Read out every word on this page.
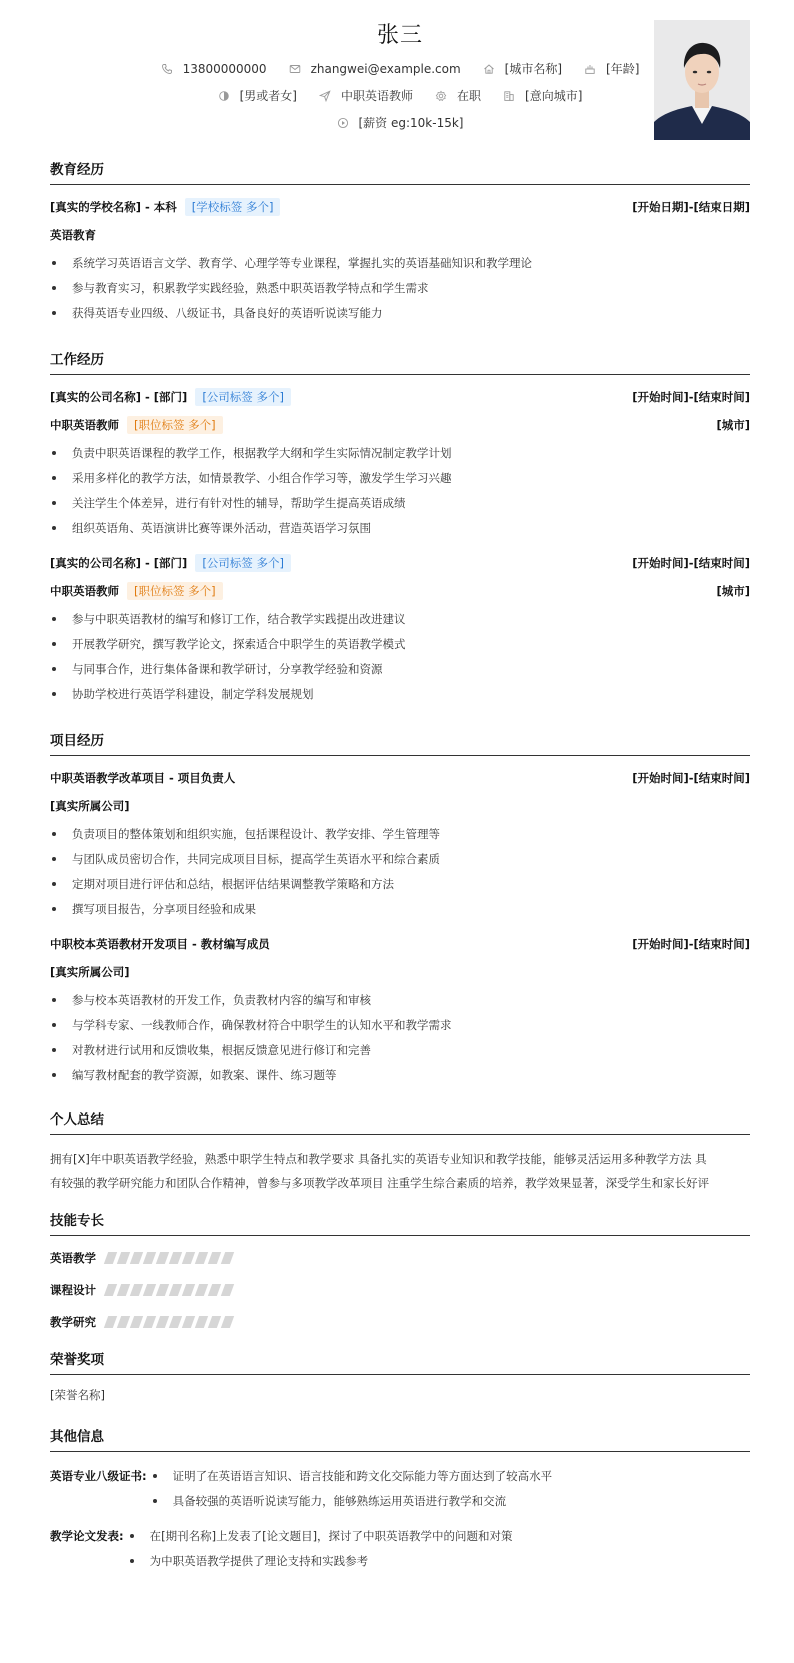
张三
13800000000	zhangwei@example.com	[城市名称]	[年龄]
[男或者女]	中职英语教师	在职	[意向城市]
[薪资 eg:10k-15k]
教育经历
[真实的学校名称] - 本科	[学校标签 多个]	[开始日期]-[结束日期]
英语教育
系统学习英语语言文学、教育学、心理学等专业课程，掌握扎实的英语基础知识和教学理论
参与教育实习，积累教学实践经验，熟悉中职英语教学特点和学生需求
获得英语专业四级、八级证书，具备良好的英语听说读写能力
工作经历
[真实的公司名称] - [部门]	[公司标签 多个]	[开始时间]-[结束时间]
中职英语教师	[职位标签 多个]	[城市]
负责中职英语课程的教学工作，根据教学大纲和学生实际情况制定教学计划
采用多样化的教学方法，如情景教学、小组合作学习等，激发学生学习兴趣
关注学生个体差异，进行有针对性的辅导，帮助学生提高英语成绩
组织英语角、英语演讲比赛等课外活动，营造英语学习氛围
[真实的公司名称] - [部门]	[公司标签 多个]	[开始时间]-[结束时间]
中职英语教师	[职位标签 多个]	[城市]
参与中职英语教材的编写和修订工作，结合教学实践提出改进建议
开展教学研究，撰写教学论文，探索适合中职学生的英语教学模式
与同事合作，进行集体备课和教学研讨，分享教学经验和资源
协助学校进行英语学科建设，制定学科发展规划
项目经历
中职英语教学改革项目 - 项目负责人	[开始时间]-[结束时间]
[真实所属公司]
负责项目的整体策划和组织实施，包括课程设计、教学安排、学生管理等
与团队成员密切合作，共同完成项目目标，提高学生英语水平和综合素质
定期对项目进行评估和总结，根据评估结果调整教学策略和方法
撰写项目报告，分享项目经验和成果
中职校本英语教材开发项目 - 教材编写成员	[开始时间]-[结束时间]
[真实所属公司]
参与校本英语教材的开发工作，负责教材内容的编写和审核
与学科专家、一线教师合作，确保教材符合中职学生的认知水平和教学需求
对教材进行试用和反馈收集，根据反馈意见进行修订和完善
编写教材配套的教学资源，如教案、课件、练习题等
个人总结
拥有[X]年中职英语教学经验，熟悉中职学生特点和教学要求 具备扎实的英语专业知识和教学技能，能够灵活运用多种教学方法 具
有较强的教学研究能力和团队合作精神，曾参与多项教学改革项目 注重学生综合素质的培养，教学效果显著，深受学生和家长好评
技能专长
英语教学
课程设计
教学研究
荣誉奖项
[荣誉名称]
其他信息
英语专业八级证书:	证明了在英语语言知识、语言技能和跨文化交际能力等方面达到了较高水平
具备较强的英语听说读写能力，能够熟练运用英语进行教学和交流
教学论文发表:	在[期刊名称]上发表了[论文题目]，探讨了中职英语教学中的问题和对策
为中职英语教学提供了理论支持和实践参考
